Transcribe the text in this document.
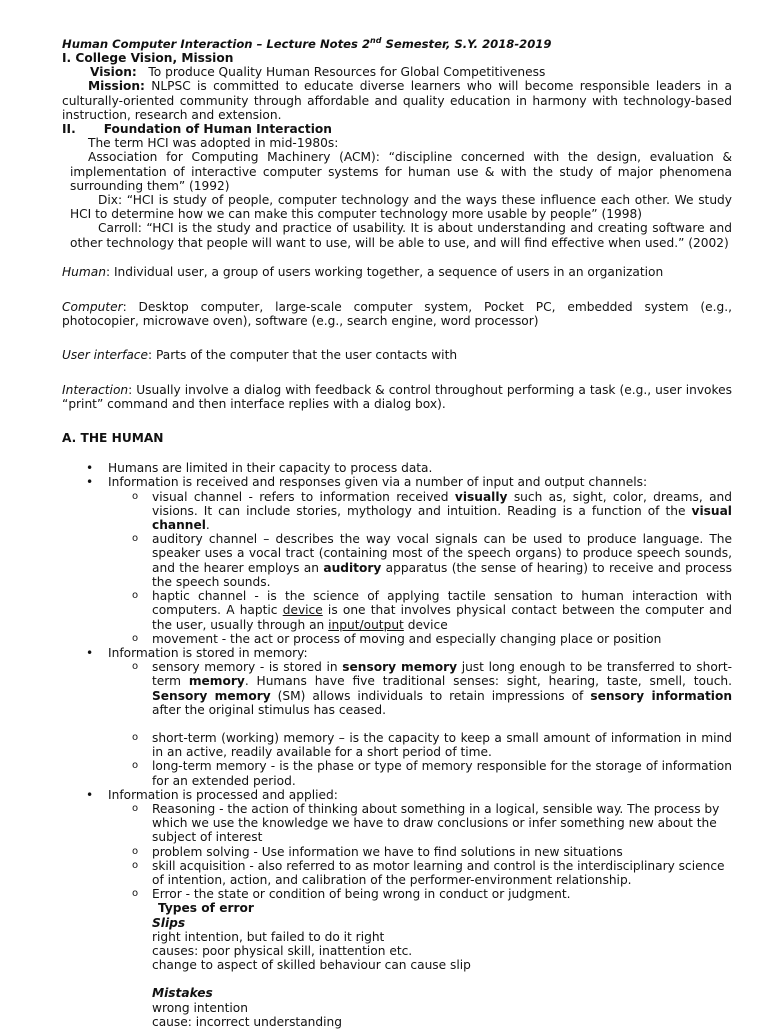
Human Computer Interaction – Lecture Notes 2nd Semester, S.Y. 2018-2019
I. College Vision, Mission
Vision: To produce Quality Human Resources for Global Competitiveness
Mission: NLPSC is committed to educate diverse learners who will become responsible leaders in a culturally-oriented community through affordable and quality education in harmony with technology-based instruction, research and extension.
II. Foundation of Human Interaction
The term HCI was adopted in mid-1980s:
Association for Computing Machinery (ACM): “discipline concerned with the design, evaluation & implementation of interactive computer systems for human use & with the study of major phenomena surrounding them” (1992)
Dix: “HCI is study of people, computer technology and the ways these influence each other. We study HCI to determine how we can make this computer technology more usable by people” (1998)
Carroll: “HCI is the study and practice of usability. It is about understanding and creating software and other technology that people will want to use, will be able to use, and will find effective when used.” (2002)
Human: Individual user, a group of users working together, a sequence of users in an organization
Computer: Desktop computer, large-scale computer system, Pocket PC, embedded system (e.g., photocopier, microwave oven), software (e.g., search engine, word processor)
User interface: Parts of the computer that the user contacts with
Interaction: Usually involve a dialog with feedback & control throughout performing a task (e.g., user invokes “print” command and then interface replies with a dialog box).
A. THE HUMAN
• Humans are limited in their capacity to process data.
• Information is received and responses given via a number of input and output channels:
o visual channel - refers to information received visually such as, sight, color, dreams, and visions. It can include stories, mythology and intuition. Reading is a function of the visual channel.
o auditory channel – describes the way vocal signals can be used to produce language. The speaker uses a vocal tract (containing most of the speech organs) to produce speech sounds, and the hearer employs an auditory apparatus (the sense of hearing) to receive and process the speech sounds.
o haptic channel - is the science of applying tactile sensation to human interaction with computers. A haptic device is one that involves physical contact between the computer and the user, usually through an input/output device
o movement - the act or process of moving and especially changing place or position
• Information is stored in memory:
o sensory memory - is stored in sensory memory just long enough to be transferred to short-term memory. Humans have five traditional senses: sight, hearing, taste, smell, touch. Sensory memory (SM) allows individuals to retain impressions of sensory information after the original stimulus has ceased.
o short-term (working) memory – is the capacity to keep a small amount of information in mind in an active, readily available for a short period of time.
o long-term memory - is the phase or type of memory responsible for the storage of information for an extended period.
• Information is processed and applied:
o Reasoning - the action of thinking about something in a logical, sensible way. The process by which we use the knowledge we have to draw conclusions or infer something new about the subject of interest
o problem solving - Use information we have to find solutions in new situations
o skill acquisition - also referred to as motor learning and control is the interdisciplinary science of intention, action, and calibration of the performer-environment relationship.
o Error - the state or condition of being wrong in conduct or judgment.
Types of error
Slips
right intention, but failed to do it right
causes: poor physical skill, inattention etc.
change to aspect of skilled behaviour can cause slip
Mistakes
wrong intention
cause: incorrect understanding
